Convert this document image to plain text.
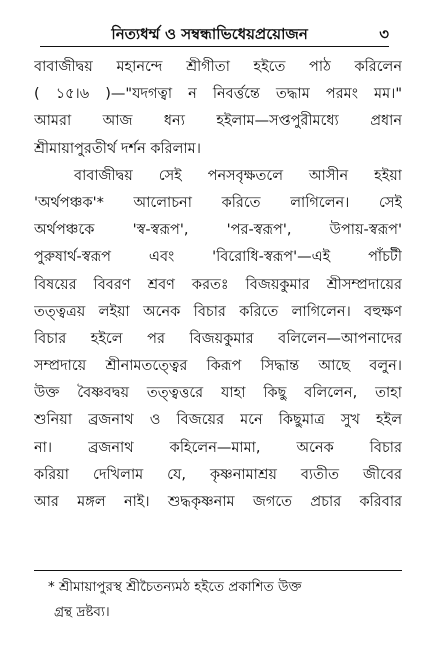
নিত্যধর্ম্ম ও সম্বন্ধাভিধেয়প্রয়োজন	৩
বাবাজীদ্বয় মহানন্দে শ্রীগীতা হইতে পাঠ করিলেন
( ১৫।৬ )—"যদগত্বা ন নিবর্ত্তন্তে তদ্ধাম পরমং মম।"
আমরা আজ ধন্য হইলাম—সপ্তপুরীমধ্যে প্রধান
শ্রীমায়াপুরতীর্থ দর্শন করিলাম।
বাবাজীদ্বয় সেই পনসবৃক্ষতলে আসীন হইয়া
'অর্থপঞ্চক'* আলোচনা করিতে লাগিলেন। সেই
অর্থপঞ্চকে 'স্ব-স্বরূপ', 'পর-স্বরূপ', উপায়-স্বরূপ'
পুরুষার্থ-স্বরূপ এবং 'বিরোধি-স্বরূপ'—এই পাঁচটী
বিষয়ের বিবরণ শ্রবণ করতঃ বিজয়কুমার শ্রীসম্প্রদায়ের
তত্ত্বত্রয় লইয়া অনেক বিচার করিতে লাগিলেন। বহুক্ষণ
বিচার হইলে পর বিজয়কুমার বলিলেন—আপনাদের
সম্প্রদায়ে শ্রীনামতত্ত্বের কিরূপ সিদ্ধান্ত আছে বলুন।
উক্ত বৈষ্ণবদ্বয় তত্ত্বত্তরে যাহা কিছু বলিলেন, তাহা
শুনিয়া ব্রজনাথ ও বিজয়ের মনে কিছুমাত্র সুখ হইল
না। ব্রজনাথ কহিলেন—মামা, অনেক বিচার
করিয়া দেখিলাম যে, কৃষ্ণনামাশ্রয় ব্যতীত জীবের
আর মঙ্গল নাই। শুদ্ধকৃষ্ণনাম জগতে প্রচার করিবার
* শ্রীমায়াপুরস্থ শ্রীচৈতন্যমঠ হইতে প্রকাশিত উক্ত
গ্রন্থ দ্রষ্টব্য।
